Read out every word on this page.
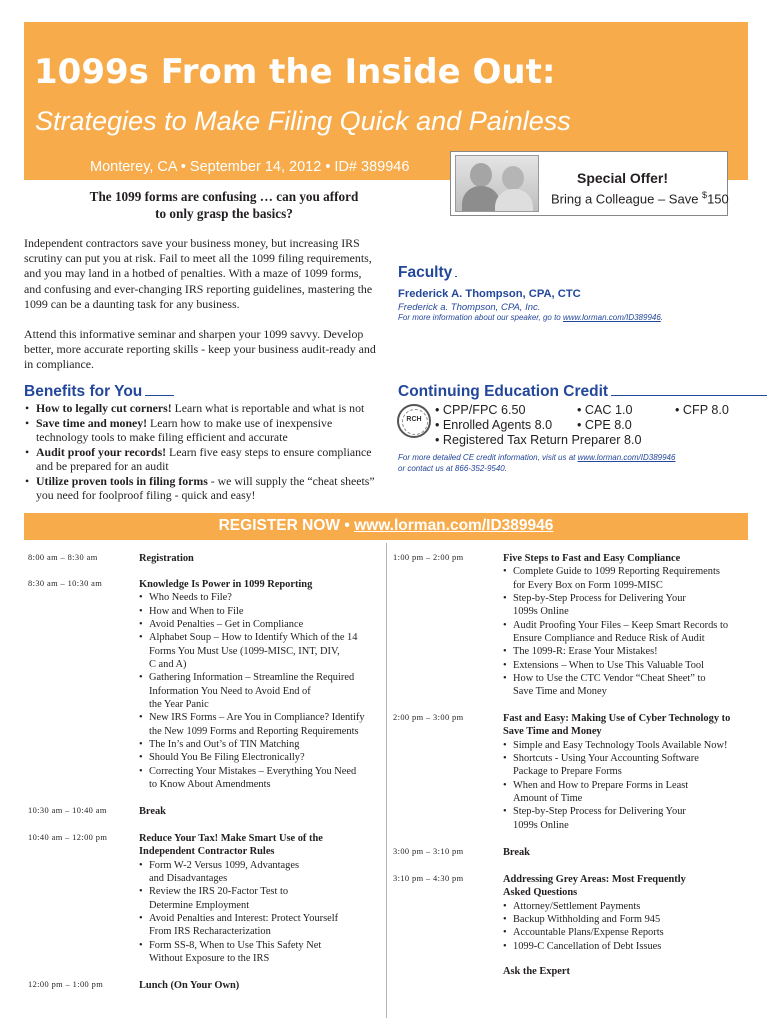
1099s From the Inside Out:
Strategies to Make Filing Quick and Painless
Monterey, CA • September 14, 2012 • ID# 389946
Special Offer!
Bring a Colleague – Save $150
The 1099 forms are confusing … can you afford
to only grasp the basics?

Independent contractors save your business money, but increasing IRS scrutiny can put you at risk. Fail to meet all the 1099 filing requirements, and you may land in a hotbed of penalties. With a maze of 1099 forms, and confusing and ever-changing IRS reporting guidelines, mastering the 1099 can be a daunting task for any business.

Attend this informative seminar and sharpen your 1099 savvy. Develop better, more accurate reporting skills - keep your business audit-ready and in compliance.

Faculty
Frederick A. Thompson, CPA, CTC
Frederick a. Thompson, CPA, Inc.
For more information about our speaker, go to www.lorman.com/ID389946.
Benefits for You
• How to legally cut corners! Learn what is reportable and what is not
• Save time and money! Learn how to make use of inexpensive technology tools to make filing efficient and accurate
• Audit proof your records! Learn five easy steps to ensure compliance and be prepared for an audit
• Utilize proven tools in filing forms - we will supply the “cheat sheets” you need for foolproof filing - quick and easy!
Continuing Education Credit
RCH
• CPP/FPC 6.50	• CAC 1.0	• CFP 8.0
• Enrolled Agents 8.0 • CPE 8.0
• Registered Tax Return Preparer 8.0
For more detailed CE credit information, visit us at www.lorman.com/ID389946
or contact us at 866-352-9540.
REGISTER NOW • www.lorman.com/ID389946
8:00 am – 8:30 am	Registration
8:30 am – 10:30 am	Knowledge Is Power in 1099 Reporting
• Who Needs to File?
• How and When to File
• Avoid Penalties – Get in Compliance
• Alphabet Soup – How to Identify Which of the 14
Forms You Must Use (1099-MISC, INT, DIV,
C and A)
• Gathering Information – Streamline the Required
Information You Need to Avoid End of
the Year Panic
• New IRS Forms – Are You in Compliance? Identify
the New 1099 Forms and Reporting Requirements
• The In’s and Out’s of TIN Matching
• Should You Be Filing Electronically?
• Correcting Your Mistakes – Everything You Need
to Know About Amendments
10:30 am – 10:40 am	Break
10:40 am – 12:00 pm	Reduce Your Tax! Make Smart Use of the
Independent Contractor Rules
• Form W-2 Versus 1099, Advantages
and Disadvantages
• Review the IRS 20-Factor Test to
Determine Employment
• Avoid Penalties and Interest: Protect Yourself
From IRS Recharacterization
• Form SS-8, When to Use This Safety Net
Without Exposure to the IRS
12:00 pm – 1:00 pm	Lunch (On Your Own)
1:00 pm – 2:00 pm	Five Steps to Fast and Easy Compliance
• Complete Guide to 1099 Reporting Requirements
for Every Box on Form 1099-MISC
• Step-by-Step Process for Delivering Your
1099s Online
• Audit Proofing Your Files – Keep Smart Records to
Ensure Compliance and Reduce Risk of Audit
• The 1099-R: Erase Your Mistakes!
• Extensions – When to Use This Valuable Tool
• How to Use the CTC Vendor “Cheat Sheet” to
Save Time and Money
2:00 pm – 3:00 pm	Fast and Easy: Making Use of Cyber Technology to
Save Time and Money
• Simple and Easy Technology Tools Available Now!
• Shortcuts - Using Your Accounting Software
Package to Prepare Forms
• When and How to Prepare Forms in Least
Amount of Time
• Step-by-Step Process for Delivering Your
1099s Online
3:00 pm – 3:10 pm	Break
3:10 pm – 4:30 pm	Addressing Grey Areas: Most Frequently
Asked Questions
• Attorney/Settlement Payments
• Backup Withholding and Form 945
• Accountable Plans/Expense Reports
• 1099-C Cancellation of Debt Issues
Ask the Expert
